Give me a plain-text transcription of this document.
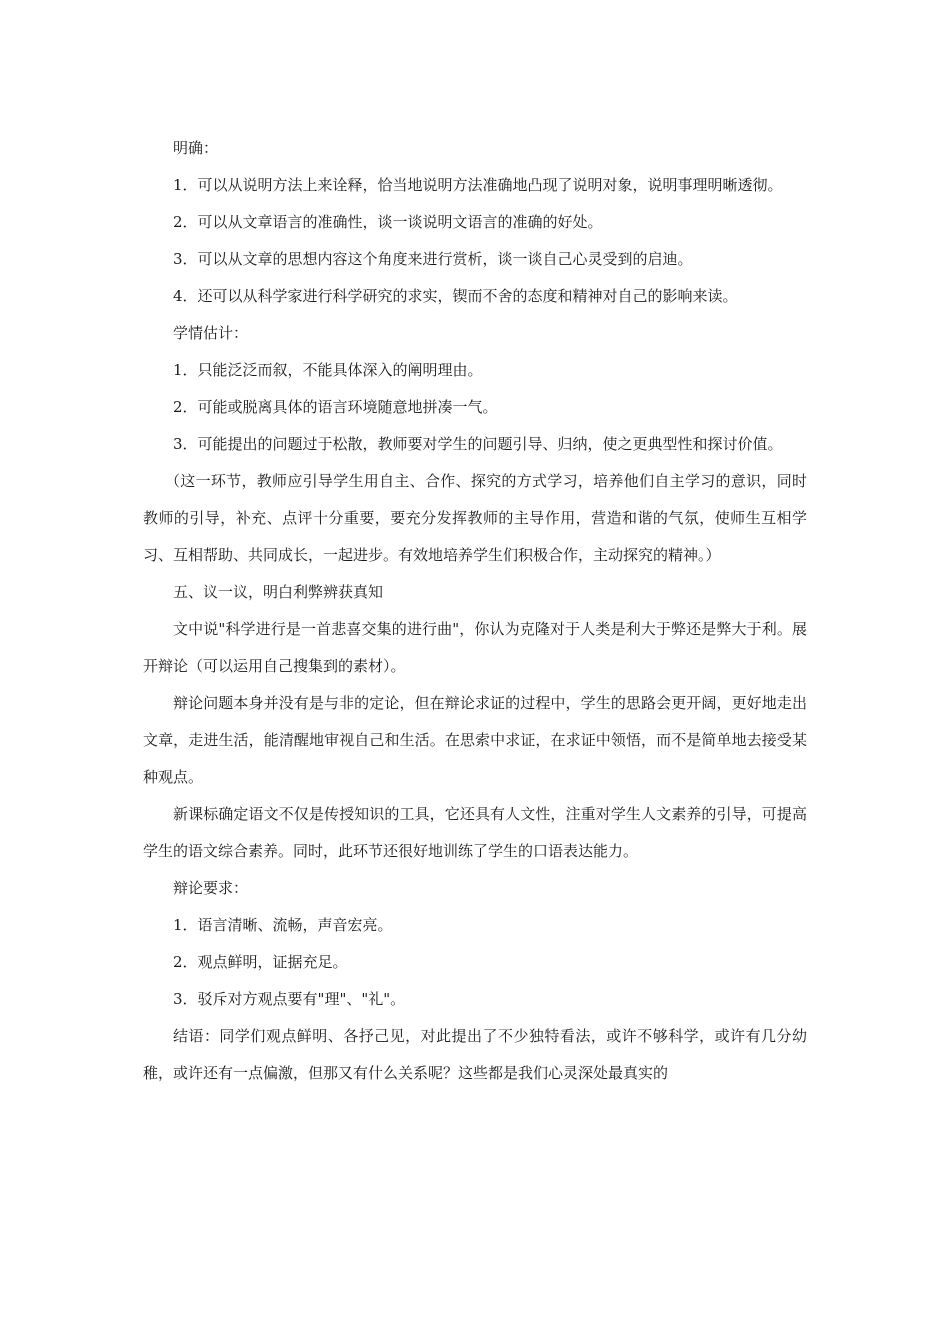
明确：

1．可以从说明方法上来诠释，恰当地说明方法准确地凸现了说明对象，说明事理明晰透彻。

2．可以从文章语言的准确性，谈一谈说明文语言的准确的好处。

3．可以从文章的思想内容这个角度来进行赏析，谈一谈自己心灵受到的启迪。

4．还可以从科学家进行科学研究的求实，锲而不舍的态度和精神对自己的影响来读。

学情估计：

1．只能泛泛而叙，不能具体深入的阐明理由。

2．可能或脱离具体的语言环境随意地拼凑一气。

3．可能提出的问题过于松散，教师要对学生的问题引导、归纳，使之更典型性和探讨价值。

（这一环节，教师应引导学生用自主、合作、探究的方式学习，培养他们自主学习的意识，同时教师的引导，补充、点评十分重要，要充分发挥教师的主导作用，营造和谐的气氛，使师生互相学习、互相帮助、共同成长，一起进步。有效地培养学生们积极合作，主动探究的精神。）

五、议一议，明白利弊辨获真知

文中说"科学进行是一首悲喜交集的进行曲"，你认为克隆对于人类是利大于弊还是弊大于利。展开辩论（可以运用自己搜集到的素材）。

辩论问题本身并没有是与非的定论，但在辩论求证的过程中，学生的思路会更开阔，更好地走出文章，走进生活，能清醒地审视自己和生活。在思索中求证，在求证中领悟，而不是简单地去接受某种观点。

新课标确定语文不仅是传授知识的工具，它还具有人文性，注重对学生人文素养的引导，可提高学生的语文综合素养。同时，此环节还很好地训练了学生的口语表达能力。

辩论要求：

1．语言清晰、流畅，声音宏亮。

2．观点鲜明，证据充足。

3．驳斥对方观点要有"理"、"礼"。

结语：同学们观点鲜明、各抒己见，对此提出了不少独特看法，或许不够科学，或许有几分幼稚，或许还有一点偏激，但那又有什么关系呢？这些都是我们心灵深处最真实的
